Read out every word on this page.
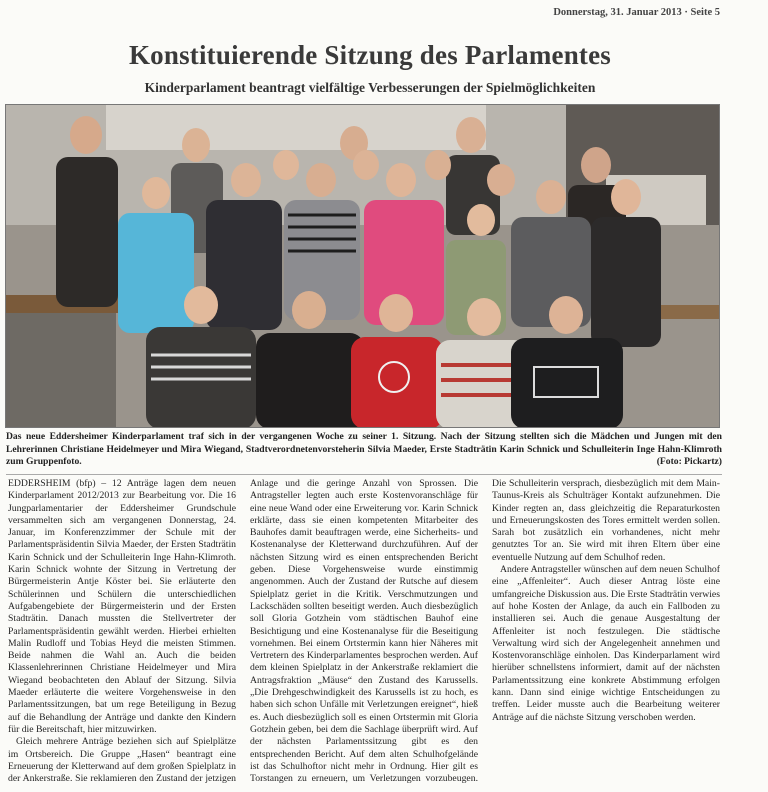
Donnerstag, 31. Januar 2013 · Seite 5
Konstituierende Sitzung des Parlamentes
Kinderparlament beantragt vielfältige Verbesserungen der Spielmöglichkeiten
Das neue Eddersheimer Kinderparlament traf sich in der vergangenen Woche zu seiner 1. Sitzung. Nach der Sitzung stellten sich die Mädchen und Jungen mit den Lehrerinnen Christiane Heidelmeyer und Mira Wiegand, Stadtverordnetenvorsteherin Silvia Maeder, Erste Stadträtin Karin Schnick und Schulleiterin Inge Hahn-Klimroth zum Gruppenfoto.	(Foto: Pickartz)

EDDERSHEIM (bfp) – 12 Anträge lagen dem neuen Kinderparlament 2012/2013 zur Bearbeitung vor. Die 16 Jungparlamentarier der Eddersheimer Grundschule versammelten sich am vergangenen Donnerstag, 24. Januar, im Konferenzzimmer der Schule mit der Parlamentspräsidentin Silvia Maeder, der Ersten Stadträtin Karin Schnick und der Schulleiterin Inge Hahn-Klimroth. Karin Schnick wohnte der Sitzung in Vertretung der Bürgermeisterin Antje Köster bei. Sie erläuterte den Schülerinnen und Schülern die unterschiedlichen Aufgabengebiete der Bürgermeisterin und der Ersten Stadträtin. Danach mussten die Stellvertreter der Parlamentspräsidentin gewählt werden. Hierbei erhielten Malin Rudloff und Tobias Heyd die meisten Stimmen. Beide nahmen die Wahl an. Auch die beiden Klassenlehrerinnen Christiane Heidelmeyer und Mira Wiegand beobachteten den Ablauf der Sitzung. Silvia Maeder erläuterte die weitere Vorgehensweise in den Parlamentssitzungen, bat um rege Beteiligung in Bezug auf die Behandlung der Anträge und dankte den Kindern für die Bereitschaft, hier mitzuwirken.

Gleich mehrere Anträge beziehen sich auf Spielplätze im Ortsbereich. Die Gruppe „Hasen“ beantragt eine Erneuerung der Kletterwand auf dem großen Spielplatz in der Ankerstraße. Sie reklamieren den Zustand der jetzigen Anlage und die geringe Anzahl von Sprossen. Die Antragsteller legten auch erste Kostenvoranschläge für eine neue Wand oder eine Erweiterung vor. Karin Schnick erklärte, dass sie einen kompetenten Mitarbeiter des Bauhofes damit beauftragen werde, eine Sicherheits- und Kostenanalyse der Kletterwand durchzuführen. Auf der nächsten Sitzung wird es einen entsprechenden Bericht geben. Diese Vorgehensweise wurde einstimmig angenommen. Auch der Zustand der Rutsche auf diesem Spielplatz geriet in die Kritik. Verschmutzungen und Lackschäden sollten beseitigt werden. Auch diesbezüglich soll Gloria Gotzhein vom städtischen Bauhof eine Besichtigung und eine Kostenanalyse für die Beseitigung vornehmen. Bei einem Ortstermin kann hier Näheres mit Vertretern des Kinderparlamentes besprochen werden. Auf dem kleinen Spielplatz in der Ankerstraße reklamiert die Antragsfraktion „Mäuse“ den Zustand des Karussells. „Die Drehgeschwindigkeit des Karussells ist zu hoch, es haben sich schon Unfälle mit Verletzungen ereignet“, hieß es. Auch diesbezüglich soll es einen Ortstermin mit Gloria Gotzhein geben, bei dem die Sachlage überprüft wird. Auf der nächsten Parlamentssitzung gibt es den entsprechenden Bericht. Auf dem alten Schulhofgelände ist das Schulhoftor nicht mehr in Ordnung. Hier gilt es Torstangen zu erneuern, um Verletzungen vorzubeugen. Die Schulleiterin versprach, diesbezüglich mit dem Main-Taunus-Kreis als Schulträger Kontakt aufzunehmen. Die Kinder regten an, dass gleichzeitig die Reparaturkosten und Erneuerungskosten des Tores ermittelt werden sollen. Sarah bot zusätzlich ein vorhandenes, nicht mehr genutztes Tor an. Sie wird mit ihren Eltern über eine eventuelle Nutzung auf dem Schulhof reden.

Andere Antragsteller wünschen auf dem neuen Schulhof eine „Affenleiter“. Auch dieser Antrag löste eine umfangreiche Diskussion aus. Die Erste Stadträtin verwies auf hohe Kosten der Anlage, da auch ein Fallboden zu installieren sei. Auch die genaue Ausgestaltung der Affenleiter ist noch festzulegen. Die städtische Verwaltung wird sich der Angelegenheit annehmen und Kostenvoranschläge einholen. Das Kinderparlament wird hierüber schnellstens informiert, damit auf der nächsten Parlamentssitzung eine konkrete Abstimmung erfolgen kann. Dann sind einige wichtige Entscheidungen zu treffen. Leider musste auch die Bearbeitung weiterer Anträge auf die nächste Sitzung verschoben werden.
